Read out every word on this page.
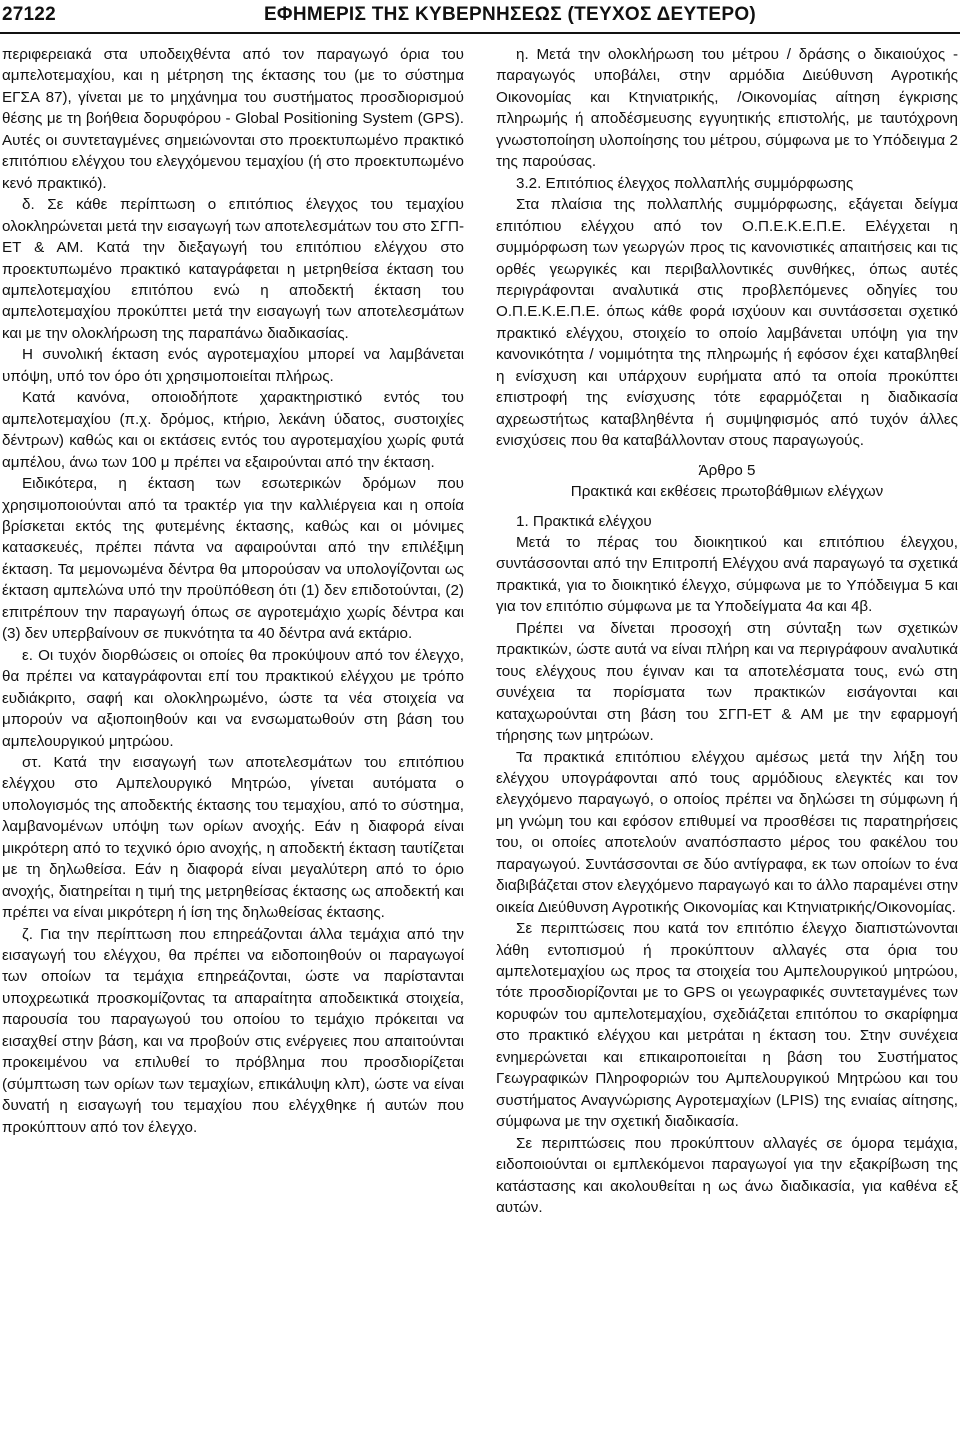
27122	ΕΦΗΜΕΡΙΣ ΤΗΣ ΚΥΒΕΡΝΗΣΕΩΣ (ΤΕΥΧΟΣ ΔΕΥΤΕΡΟ)

περιφερειακά στα υποδειχθέντα από τον παραγωγό όρια του αμπελοτεμαχίου, και η μέτρηση της έκτασης του (με το σύστημα ΕΓΣΑ 87), γίνεται με το μηχάνημα του συστήματος προσδιορισμού θέσης με τη βοήθεια δορυφόρου - Global Positioning System (GPS). Αυτές οι συντεταγμένες σημειώνονται στο προεκτυπωμένο πρακτικό επιτόπιου ελέγχου του ελεγχόμενου τεμαχίου (ή στο προεκτυπωμένο κενό πρακτικό).

δ. Σε κάθε περίπτωση ο επιτόπιος έλεγχος του τεμαχίου ολοκληρώνεται μετά την εισαγωγή των αποτελεσμάτων του στο ΣΓΠ-ΕΤ & ΑΜ. Κατά την διεξαγωγή του επιτόπιου ελέγχου στο προεκτυπωμένο πρακτικό καταγράφεται η μετρηθείσα έκταση του αμπελοτεμαχίου επιτόπου ενώ η αποδεκτή έκταση του αμπελοτεμαχίου προκύπτει μετά την εισαγωγή των αποτελεσμάτων και με την ολοκλήρωση της παραπάνω διαδικασίας.

Η συνολική έκταση ενός αγροτεμαχίου μπορεί να λαμβάνεται υπόψη, υπό τον όρο ότι χρησιμοποιείται πλήρως.

Κατά κανόνα, οποιοδήποτε χαρακτηριστικό εντός του αμπελοτεμαχίου (π.χ. δρόμος, κτήριο, λεκάνη ύδατος, συστοιχίες δέντρων) καθώς και οι εκτάσεις εντός του αγροτεμαχίου χωρίς φυτά αμπέλου, άνω των 100 μ πρέπει να εξαιρούνται από την έκταση.

Ειδικότερα, η έκταση των εσωτερικών δρόμων που χρησιμοποιούνται από τα τρακτέρ για την καλλιέργεια και η οποία βρίσκεται εκτός της φυτεμένης έκτασης, καθώς και οι μόνιμες κατασκευές, πρέπει πάντα να αφαιρούνται από την επιλέξιμη έκταση. Τα μεμονωμένα δέντρα θα μπορούσαν να υπολογίζονται ως έκταση αμπελώνα υπό την προϋπόθεση ότι (1) δεν επιδοτούνται, (2) επιτρέπουν την παραγωγή όπως σε αγροτεμάχιο χωρίς δέντρα και (3) δεν υπερβαίνουν σε πυκνότητα τα 40 δέντρα ανά εκτάριο.

ε. Οι τυχόν διορθώσεις οι οποίες θα προκύψουν από τον έλεγχο, θα πρέπει να καταγράφονται επί του πρακτικού ελέγχου με τρόπο ευδιάκριτο, σαφή και ολοκληρωμένο, ώστε τα νέα στοιχεία να μπορούν να αξιοποιηθούν και να ενσωματωθούν στη βάση του αμπελουργικού μητρώου.

στ. Κατά την εισαγωγή των αποτελεσμάτων του επιτόπιου ελέγχου στο Αμπελουργικό Μητρώο, γίνεται αυτόματα ο υπολογισμός της αποδεκτής έκτασης του τεμαχίου, από το σύστημα, λαμβανομένων υπόψη των ορίων ανοχής. Εάν η διαφορά είναι μικρότερη από το τεχνικό όριο ανοχής, η αποδεκτή έκταση ταυτίζεται με τη δηλωθείσα. Εάν η διαφορά είναι μεγαλύτερη από το όριο ανοχής, διατηρείται η τιμή της μετρηθείσας έκτασης ως αποδεκτή και πρέπει να είναι μικρότερη ή ίση της δηλωθείσας έκτασης.

ζ. Για την περίπτωση που επηρεάζονται άλλα τεμάχια από την εισαγωγή του ελέγχου, θα πρέπει να ειδοποιηθούν οι παραγωγοί των οποίων τα τεμάχια επηρεάζονται, ώστε να παρίστανται υποχρεωτικά προσκομίζοντας τα απαραίτητα αποδεικτικά στοιχεία, παρουσία του παραγωγού του οποίου το τεμάχιο πρόκειται να εισαχθεί στην βάση, και να προβούν στις ενέργειες που απαιτούνται προκειμένου να επιλυθεί το πρόβλημα που προσδιορίζεται (σύμπτωση των ορίων των τεμαχίων, επικάλυψη κλπ), ώστε να είναι δυνατή η εισαγωγή του τεμαχίου που ελέγχθηκε ή αυτών που προκύπτουν από τον έλεγχο.

η. Μετά την ολοκλήρωση του μέτρου / δράσης ο δικαιούχος - παραγωγός υποβάλει, στην αρμόδια Διεύθυνση Αγροτικής Οικονομίας και Κτηνιατρικής, /Οικονομίας αίτηση έγκρισης πληρωμής ή αποδέσμευσης εγγυητικής επιστολής, με ταυτόχρονη γνωστοποίηση υλοποίησης του μέτρου, σύμφωνα με το Υπόδειγμα 2 της παρούσας.

3.2. Επιτόπιος έλεγχος πολλαπλής συμμόρφωσης

Στα πλαίσια της πολλαπλής συμμόρφωσης, εξάγεται δείγμα επιτόπιου ελέγχου από τον Ο.Π.Ε.Κ.Ε.Π.Ε. Ελέγχεται η συμμόρφωση των γεωργών προς τις κανονιστικές απαιτήσεις και τις ορθές γεωργικές και περιβαλλοντικές συνθήκες, όπως αυτές περιγράφονται αναλυτικά στις προβλεπόμενες οδηγίες του Ο.Π.Ε.Κ.Ε.Π.Ε. όπως κάθε φορά ισχύουν και συντάσσεται σχετικό πρακτικό ελέγχου, στοιχείο το οποίο λαμβάνεται υπόψη για την κανονικότητα / νομιμότητα της πληρωμής ή εφόσον έχει καταβληθεί η ενίσχυση και υπάρχουν ευρήματα από τα οποία προκύπτει επιστροφή της ενίσχυσης τότε εφαρμόζεται η διαδικασία αχρεωστήτως καταβληθέντα ή συμψηφισμός από τυχόν άλλες ενισχύσεις που θα καταβάλλονταν στους παραγωγούς.

Άρθρο 5

Πρακτικά και εκθέσεις πρωτοβάθμιων ελέγχων

1. Πρακτικά ελέγχου

Μετά το πέρας του διοικητικού και επιτόπιου έλεγχου, συντάσσονται από την Επιτροπή Ελέγχου ανά παραγωγό τα σχετικά πρακτικά, για το διοικητικό έλεγχο, σύμφωνα με το Υπόδειγμα 5 και για τον επιτόπιο σύμφωνα με τα Υποδείγματα 4α και 4β.

Πρέπει να δίνεται προσοχή στη σύνταξη των σχετικών πρακτικών, ώστε αυτά να είναι πλήρη και να περιγράφουν αναλυτικά τους ελέγχους που έγιναν και τα αποτελέσματα τους, ενώ στη συνέχεια τα πορίσματα των πρακτικών εισάγονται και καταχωρούνται στη βάση του ΣΓΠ-ΕΤ & ΑΜ με την εφαρμογή τήρησης των μητρώων.

Τα πρακτικά επιτόπιου ελέγχου αμέσως μετά την λήξη του ελέγχου υπογράφονται από τους αρμόδιους ελεγκτές και τον ελεγχόμενο παραγωγό, ο οποίος πρέπει να δηλώσει τη σύμφωνη ή μη γνώμη του και εφόσον επιθυμεί να προσθέσει τις παρατηρήσεις του, οι οποίες αποτελούν αναπόσπαστο μέρος του φακέλου του παραγωγού. Συντάσσονται σε δύο αντίγραφα, εκ των οποίων το ένα διαβιβάζεται στον ελεγχόμενο παραγωγό και το άλλο παραμένει στην οικεία Διεύθυνση Αγροτικής Οικονομίας και Κτηνιατρικής/Οικονομίας.

Σε περιπτώσεις που κατά τον επιτόπιο έλεγχο διαπιστώνονται λάθη εντοπισμού ή προκύπτουν αλλαγές στα όρια του αμπελοτεμαχίου ως προς τα στοιχεία του Αμπελουργικού μητρώου, τότε προσδιορίζονται με το GPS οι γεωγραφικές συντεταγμένες των κορυφών του αμπελοτεμαχίου, σχεδιάζεται επιτόπου το σκαρίφημα στο πρακτικό ελέγχου και μετράται η έκταση του. Στην συνέχεια ενημερώνεται και επικαιροποιείται η βάση του Συστήματος Γεωγραφικών Πληροφοριών του Αμπελουργικού Μητρώου και του συστήματος Αναγνώρισης Αγροτεμαχίων (LPIS) της ενιαίας αίτησης, σύμφωνα με την σχετική διαδικασία.

Σε περιπτώσεις που προκύπτουν αλλαγές σε όμορα τεμάχια, ειδοποιούνται οι εμπλεκόμενοι παραγωγοί για την εξακρίβωση της κατάστασης και ακολουθείται η ως άνω διαδικασία, για καθένα εξ αυτών.
